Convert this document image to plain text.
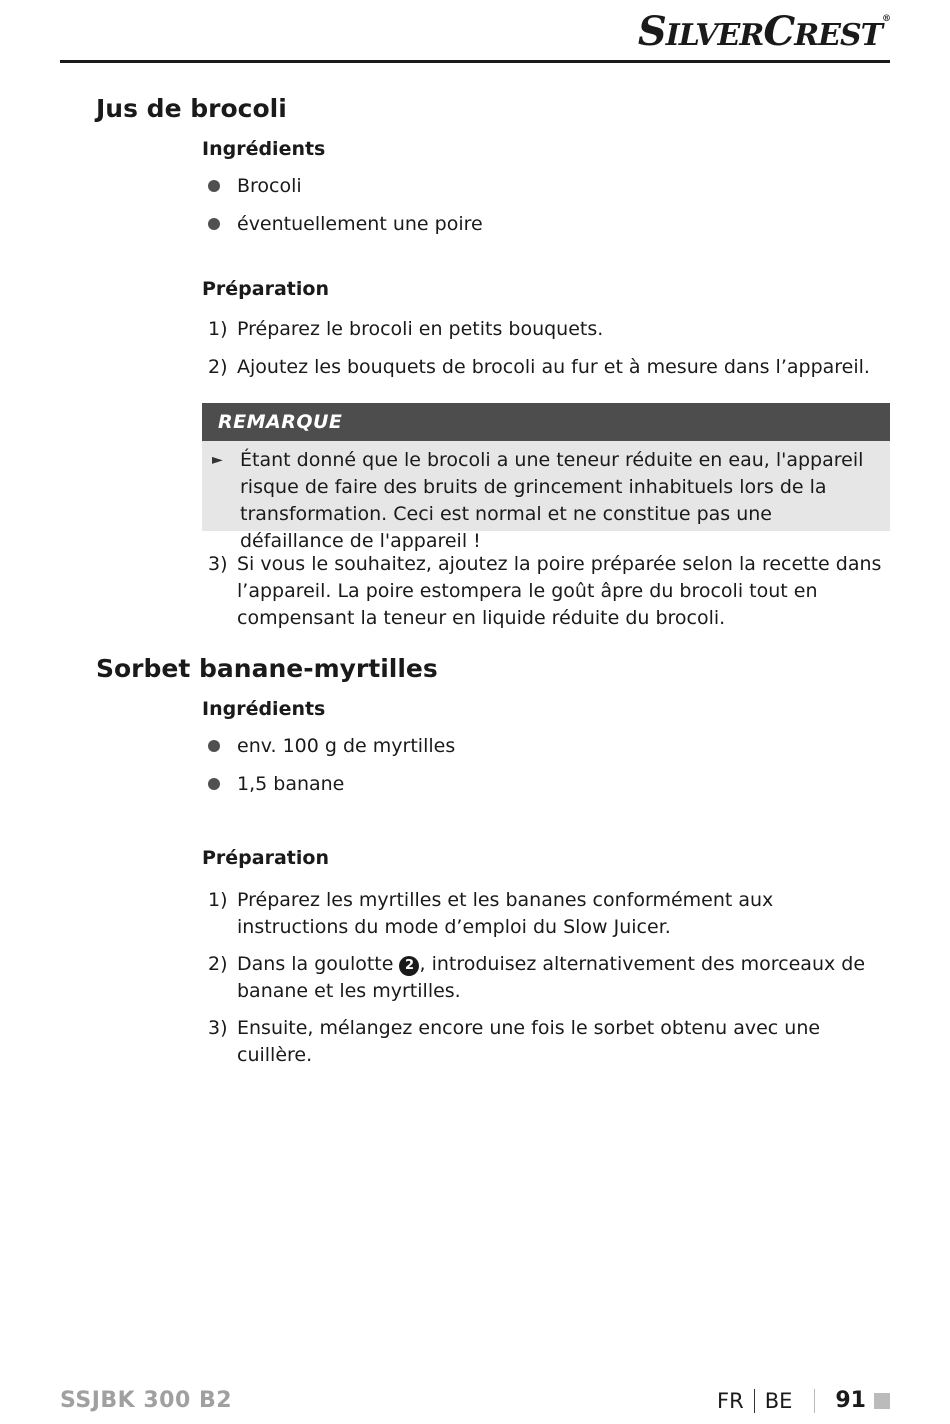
SILVERCREST®
Jus de brocoli
Ingrédients
Brocoli
éventuellement une poire
Préparation
1) Préparez le brocoli en petits bouquets.
2) Ajoutez les bouquets de brocoli au fur et à mesure dans l’appareil.
REMARQUE
► Étant donné que le brocoli a une teneur réduite en eau, l'appareil risque de faire des bruits de grincement inhabituels lors de la transformation. Ceci est normal et ne constitue pas une défaillance de l'appareil !
3) Si vous le souhaitez, ajoutez la poire préparée selon la recette dans l’appareil. La poire estompera le goût âpre du brocoli tout en compensant la teneur en liquide réduite du brocoli.
Sorbet banane-myrtilles
Ingrédients
env. 100 g de myrtilles
1,5 banane
Préparation
1) Préparez les myrtilles et les bananes conformément aux instructions du mode d’emploi du Slow Juicer.
2) Dans la goulotte 2 , introduisez alternativement des morceaux de banane et les myrtilles.
3) Ensuite, mélangez encore une fois le sorbet obtenu avec une cuillère.
SSJBK 300 B2	FR BE 91
